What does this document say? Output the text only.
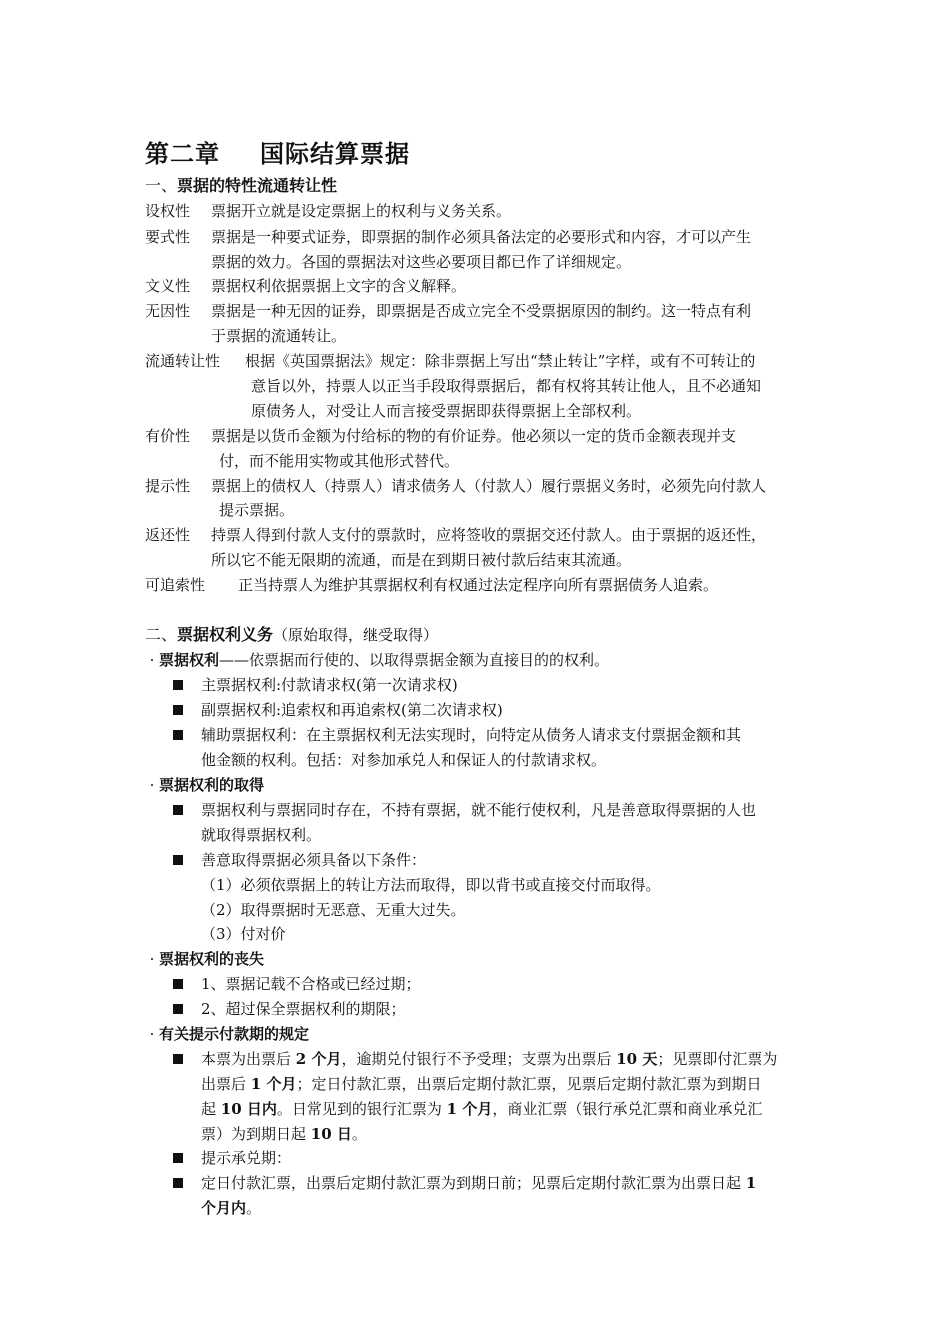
第二章 国际结算票据
一、票据的特性流通转让性
设权性 票据开立就是设定票据上的权利与义务关系。
要式性 票据是一种要式证券，即票据的制作必须具备法定的必要形式和内容，才可以产生
票据的效力。各国的票据法对这些必要项目都已作了详细规定。
文义性 票据权利依据票据上文字的含义解释。
无因性 票据是一种无因的证券，即票据是否成立完全不受票据原因的制约。这一特点有利
于票据的流通转让。
流通转让性 根据《英国票据法》规定：除非票据上写出“禁止转让”字样，或有不可转让的
意旨以外，持票人以正当手段取得票据后，都有权将其转让他人，且不必通知
原债务人，对受让人而言接受票据即获得票据上全部权利。
有价性 票据是以货币金额为付给标的物的有价证券。他必须以一定的货币金额表现并支
付，而不能用实物或其他形式替代。
提示性 票据上的债权人（持票人）请求债务人（付款人）履行票据义务时，必须先向付款人
提示票据。
返还性 持票人得到付款人支付的票款时，应将签收的票据交还付款人。由于票据的返还性，
所以它不能无限期的流通，而是在到期日被付款后结束其流通。
可追索性 正当持票人为维护其票据权利有权通过法定程序向所有票据债务人追索。
二、票据权利义务（原始取得，继受取得）
· 票据权利——依票据而行使的、以取得票据金额为直接目的的权利。
主票据权利:付款请求权(第一次请求权)
副票据权利:追索权和再追索权(第二次请求权)
辅助票据权利：在主票据权利无法实现时，向特定从债务人请求支付票据金额和其
他金额的权利。包括：对参加承兑人和保证人的付款请求权。
· 票据权利的取得
票据权利与票据同时存在，不持有票据，就不能行使权利，凡是善意取得票据的人也
就取得票据权利。
善意取得票据必须具备以下条件：
（1）必须依票据上的转让方法而取得，即以背书或直接交付而取得。
（2）取得票据时无恶意、无重大过失。
（3）付对价
· 票据权利的丧失
1、票据记载不合格或已经过期；
2、超过保全票据权利的期限；
· 有关提示付款期的规定
本票为出票后 2 个月，逾期兑付银行不予受理；支票为出票后 10 天；见票即付汇票为
出票后 1 个月；定日付款汇票，出票后定期付款汇票，见票后定期付款汇票为到期日
起 10 日内。日常见到的银行汇票为 1 个月，商业汇票（银行承兑汇票和商业承兑汇
票）为到期日起 10 日。
提示承兑期：
定日付款汇票，出票后定期付款汇票为到期日前；见票后定期付款汇票为出票日起 1
个月内。
